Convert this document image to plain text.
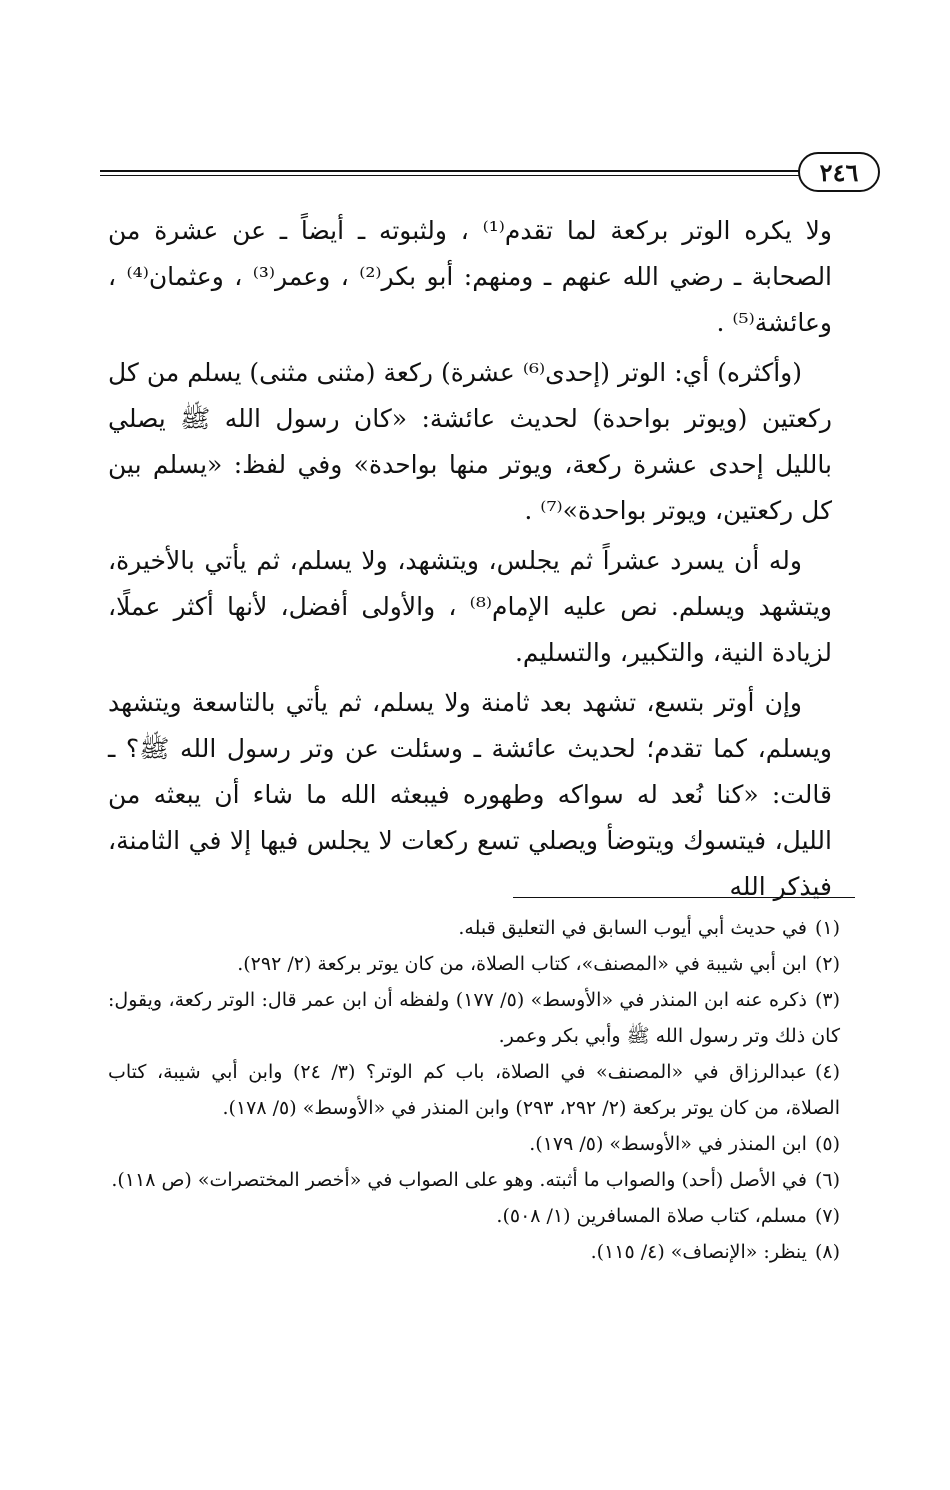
٢٤٦

ولا يكره الوتر بركعة لما تقدم⁽¹⁾ ، ولثبوته ـ أيضاً ـ عن عشرة من الصحابة ـ رضي الله عنهم ـ ومنهم: أبو بكر⁽²⁾ ، وعمر⁽³⁾ ، وعثمان⁽⁴⁾ ، وعائشة⁽⁵⁾ .

(وأكثره) أي: الوتر (إحدى⁽⁶⁾ عشرة) ركعة (مثنى مثنى) يسلم من كل ركعتين (ويوتر بواحدة) لحديث عائشة: «كان رسول الله ﷺ يصلي بالليل إحدى عشرة ركعة، ويوتر منها بواحدة» وفي لفظ: «يسلم بين كل ركعتين، ويوتر بواحدة»⁽⁷⁾ .

وله أن يسرد عشراً ثم يجلس، ويتشهد، ولا يسلم، ثم يأتي بالأخيرة، ويتشهد ويسلم. نص عليه الإمام⁽⁸⁾ ، والأولى أفضل، لأنها أكثر عملًا، لزيادة النية، والتكبير، والتسليم.

وإن أوتر بتسع، تشهد بعد ثامنة ولا يسلم، ثم يأتي بالتاسعة ويتشهد ويسلم، كما تقدم؛ لحديث عائشة ـ وسئلت عن وتر رسول الله ﷺ؟ ـ قالت: «كنا نُعد له سواكه وطهوره فيبعثه الله ما شاء أن يبعثه من الليل، فيتسوك ويتوضأ ويصلي تسع ركعات لا يجلس فيها إلا في الثامنة، فيذكر الله

(١)في حديث أبي أيوب السابق في التعليق قبله.

(٢)ابن أبي شيبة في «المصنف»، كتاب الصلاة، من كان يوتر بركعة (٢/ ٢٩٢).

(٣)ذكره عنه ابن المنذر في «الأوسط» (٥/ ١٧٧) ولفظه أن ابن عمر قال: الوتر ركعة، ويقول: كان ذلك وتر رسول الله ﷺ وأبي بكر وعمر.

(٤)عبدالرزاق في «المصنف» في الصلاة، باب كم الوتر؟ (٣/ ٢٤) وابن أبي شيبة، كتاب الصلاة، من كان يوتر بركعة (٢/ ٢٩٢، ٢٩٣) وابن المنذر في «الأوسط» (٥/ ١٧٨).

(٥)ابن المنذر في «الأوسط» (٥/ ١٧٩).

(٦)في الأصل (أحد) والصواب ما أثبته. وهو على الصواب في «أخصر المختصرات» (ص ١١٨).

(٧)مسلم، كتاب صلاة المسافرين (١/ ٥٠٨).

(٨)ينظر: «الإنصاف» (٤/ ١١٥).
